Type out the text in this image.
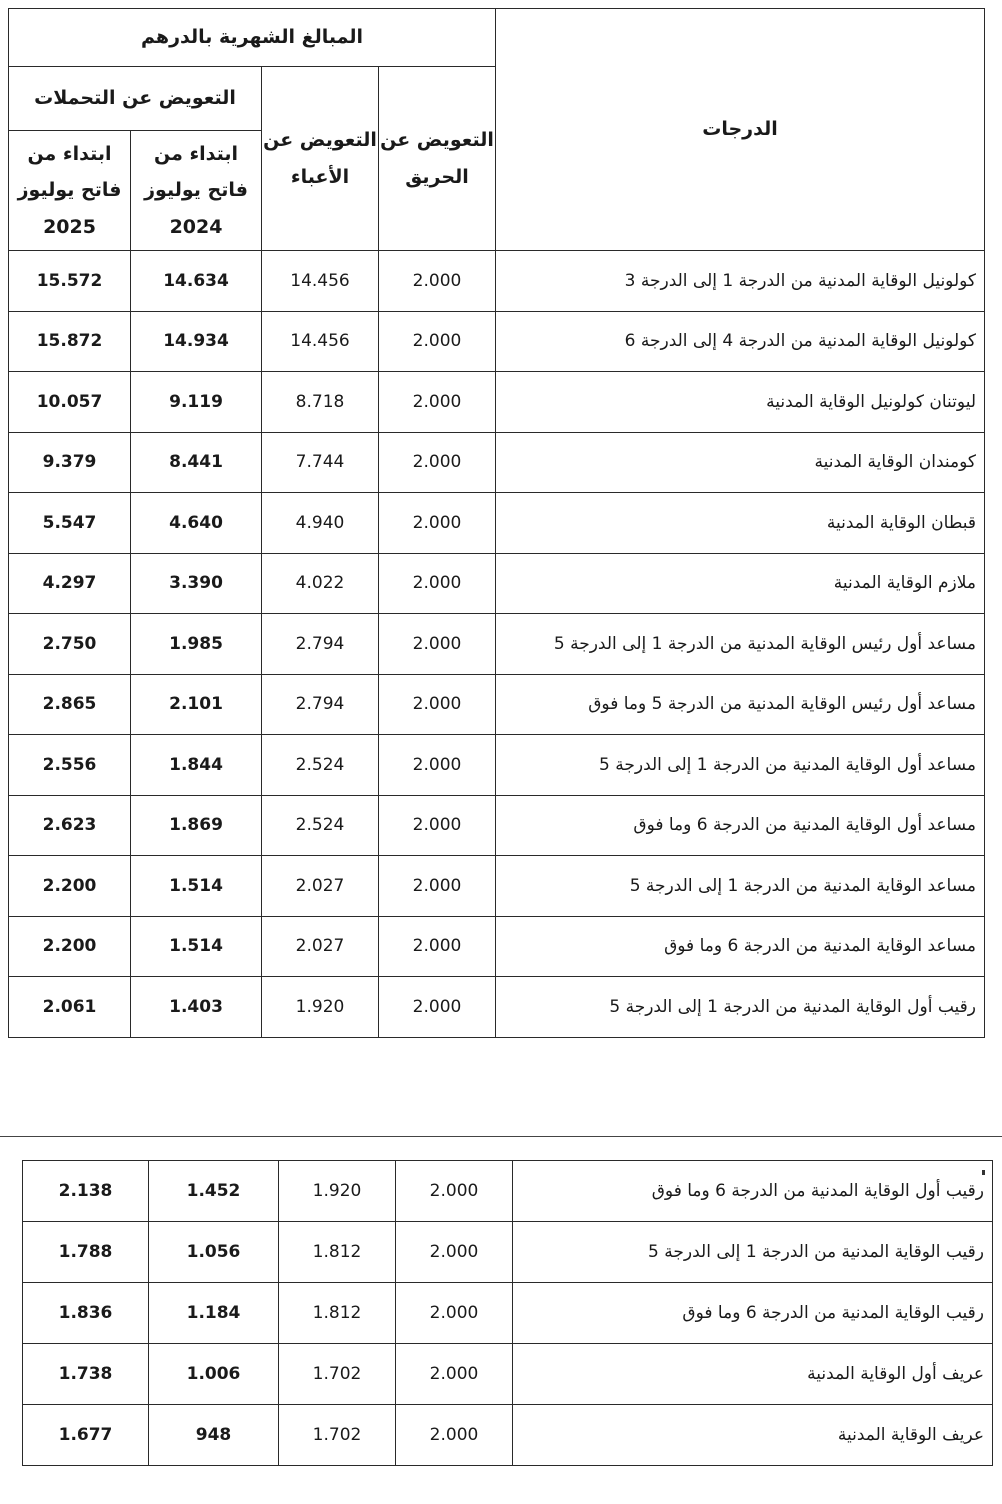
الدرجات	المبالغ الشهرية بالدرهم			
	التعويض عن الحريق	التعويض عن الأعباء	التعويض عن التحملات	
			ابتداء من فاتح يوليوز 2024	ابتداء من فاتح يوليوز 2025
كولونيل الوقاية المدنية من الدرجة 1 إلى الدرجة 3	2.000	14.456	14.634	15.572
كولونيل الوقاية المدنية من الدرجة 4 إلى الدرجة 6	2.000	14.456	14.934	15.872
ليوتنان كولونيل الوقاية المدنية	2.000	8.718	9.119	10.057
كومندان الوقاية المدنية	2.000	7.744	8.441	9.379
قبطان الوقاية المدنية	2.000	4.940	4.640	5.547
ملازم الوقاية المدنية	2.000	4.022	3.390	4.297
مساعد أول رئيس الوقاية المدنية من الدرجة 1 إلى الدرجة 5	2.000	2.794	1.985	2.750
مساعد أول رئيس الوقاية المدنية من الدرجة 5 وما فوق	2.000	2.794	2.101	2.865
مساعد أول الوقاية المدنية من الدرجة 1 إلى الدرجة 5	2.000	2.524	1.844	2.556
مساعد أول الوقاية المدنية من الدرجة 6 وما فوق	2.000	2.524	1.869	2.623
مساعد الوقاية المدنية من الدرجة 1 إلى الدرجة 5	2.000	2.027	1.514	2.200
مساعد الوقاية المدنية من الدرجة 6 وما فوق	2.000	2.027	1.514	2.200
رقيب أول الوقاية المدنية من الدرجة 1 إلى الدرجة 5	2.000	1.920	1.403	2.061
رقيب أول الوقاية المدنية من الدرجة 6 وما فوق	2.000	1.920	1.452	2.138
رقيب الوقاية المدنية من الدرجة 1 إلى الدرجة 5	2.000	1.812	1.056	1.788
رقيب الوقاية المدنية من الدرجة 6 وما فوق	2.000	1.812	1.184	1.836
عريف أول الوقاية المدنية	2.000	1.702	1.006	1.738
عريف الوقاية المدنية	2.000	1.702	948	1.677
